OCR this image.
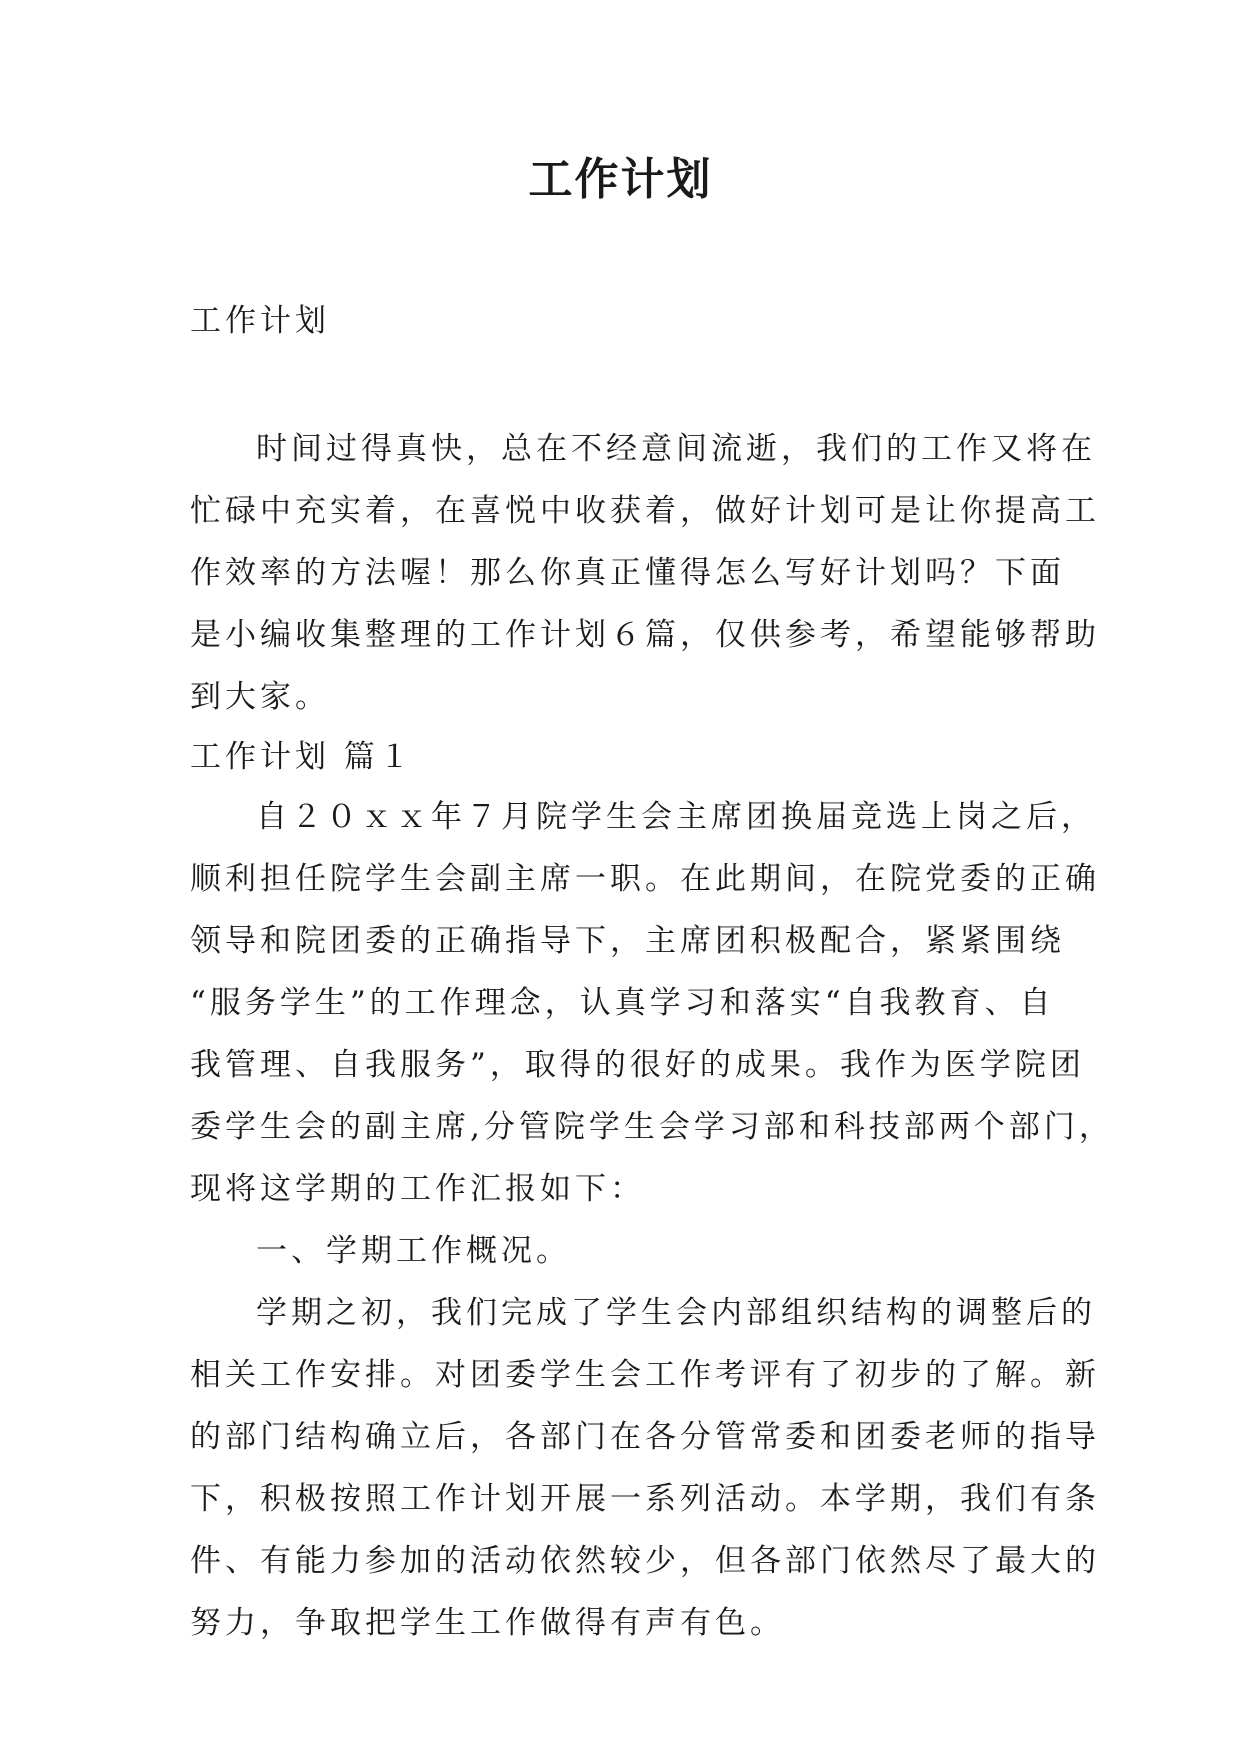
工作计划
工作计划
时间过得真快，总在不经意间流逝，我们的工作又将在
忙碌中充实着，在喜悦中收获着，做好计划可是让你提高工
作效率的方法喔！那么你真正懂得怎么写好计划吗？下面
是小编收集整理的工作计划６篇，仅供参考，希望能够帮助
到大家。
工作计划 篇１
自２０ｘｘ年７月院学生会主席团换届竞选上岗之后，
顺利担任院学生会副主席一职。在此期间，在院党委的正确
领导和院团委的正确指导下，主席团积极配合，紧紧围绕
“服务学生”的工作理念，认真学习和落实“自我教育、自
我管理、自我服务”，取得的很好的成果。我作为医学院团
委学生会的副主席,分管院学生会学习部和科技部两个部门，
现将这学期的工作汇报如下：
一、学期工作概况。
学期之初，我们完成了学生会内部组织结构的调整后的
相关工作安排。对团委学生会工作考评有了初步的了解。新
的部门结构确立后，各部门在各分管常委和团委老师的指导
下，积极按照工作计划开展一系列活动。本学期，我们有条
件、有能力参加的活动依然较少，但各部门依然尽了最大的
努力，争取把学生工作做得有声有色。
